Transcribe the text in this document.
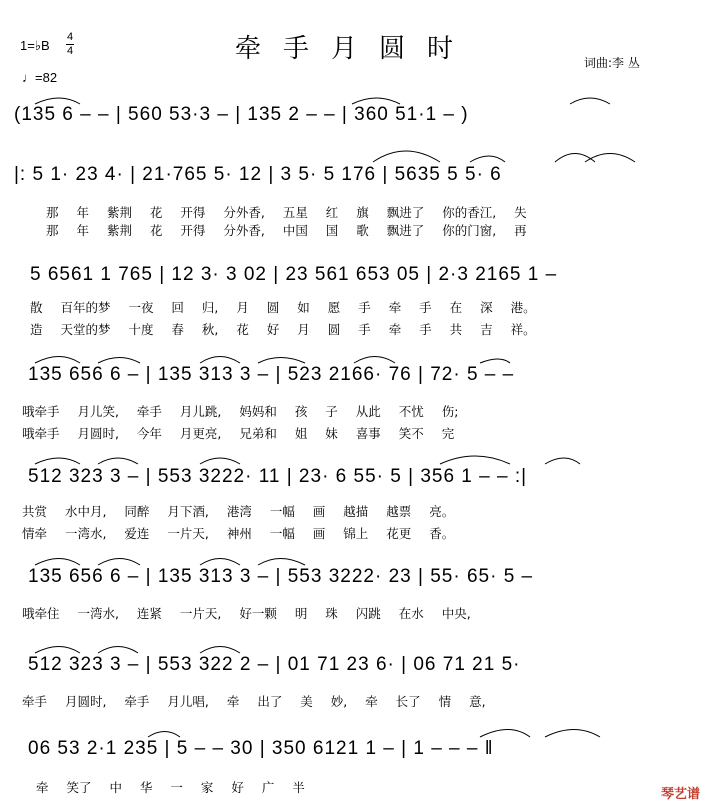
牵手月圆时
1=♭B
4
4
♩=82
词曲:李 丛
(135 6 – – | 560 53·3 – | 135 2 – – | 360 51·1 – )
|: 5 1· 23 4· | 21·765 5· 12 | 3 5· 5 176 | 5635 5 5· 6
那 年 紫荆 花 开得 分外香, 五星 红 旗 飘进了 你的香江, 失
那 年 紫荆 花 开得 分外香, 中国 国 歌 飘进了 你的门窗, 再
5 6561 1 765 | 12 3· 3 02 | 23 561 653 05 | 2·3 2165 1 –
散 百年的梦 一夜 回 归, 月 圆 如 愿 手 牵 手 在 深 港。
造 天堂的梦 十度 春 秋, 花 好 月 圆 手 牵 手 共 吉 祥。
135 656 6 – | 135 313 3 – | 523 2166· 76 | 72· 5 – –
哦牵手 月儿笑, 牵手 月儿跳, 妈妈和 孩 子 从此 不忧 伤;
哦牵手 月圆时, 今年 月更亮, 兄弟和 姐 妹 喜事 笑不 完
512 323 3 – | 553 3222· 11 | 23· 6 55· 5 | 356 1 – – :|
共赏 水中月, 同醉 月下酒, 港湾 一幅 画 越描 越票 亮。
情牵 一湾水, 爱连 一片天, 神州 一幅 画 锦上 花更 香。
135 656 6 – | 135 313 3 – | 553 3222· 23 | 55· 65· 5 –
哦牵住 一湾水, 连紧 一片天, 好一颗 明 珠 闪跳 在水 中央,
512 323 3 – | 553 322 2 – | 01 71 23 6· | 06 71 21 5·
牵手 月圆时, 牵手 月儿唱, 牵 出了 美 妙, 牵 长了 情 意,
06 53 2·1 235 | 5 – – 30 | 350 6121 1 – | 1 – – – ‖
牵 笑了 中 华 一 家 好 广 半	琴艺谱
